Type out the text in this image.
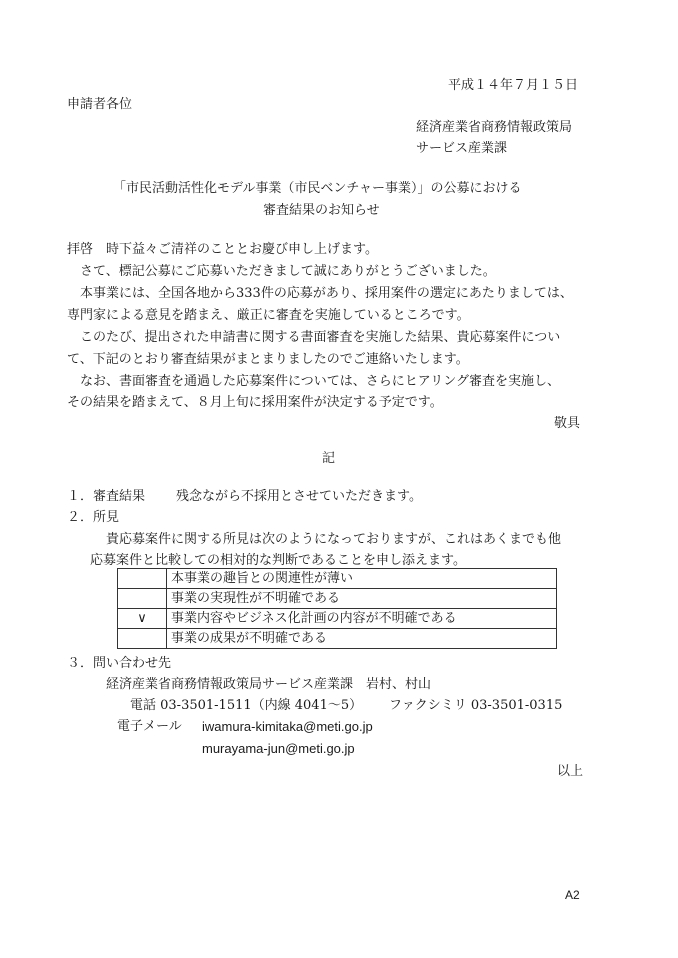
平成１４年７月１５日
申請者各位
経済産業省商務情報政策局
サービス産業課
「市民活動活性化モデル事業（市民ベンチャー事業）」の公募における
審査結果のお知らせ
拝啓　時下益々ご清祥のこととお慶び申し上げます。
さて、標記公募にご応募いただきまして誠にありがとうございました。
本事業には、全国各地から333件の応募があり、採用案件の選定にあたりましては、
専門家による意見を踏まえ、厳正に審査を実施しているところです。
このたび、提出された申請書に関する書面審査を実施した結果、貴応募案件につい
て、下記のとおり審査結果がまとまりましたのでご連絡いたします。
なお、書面審査を通過した応募案件については、さらにヒアリング審査を実施し、
その結果を踏まえて、８月上旬に採用案件が決定する予定です。
敬具
記
１．審査結果 残念ながら不採用とさせていただきます。
２．所見
貴応募案件に関する所見は次のようになっておりますが、これはあくまでも他
応募案件と比較しての相対的な判断であることを申し添えます。
	本事業の趣旨との関連性が薄い
	事業の実現性が不明確である
∨	事業内容やビジネス化計画の内容が不明確である
	事業の成果が不明確である
３．問い合わせ先
経済産業省商務情報政策局サービス産業課　岩村、村山
電話 03-3501-1511（内線 4041～5） ファクシミリ 03-3501-0315
電子メール iwamura-kimitaka@meti.go.jp
murayama-jun@meti.go.jp
以上
A2
